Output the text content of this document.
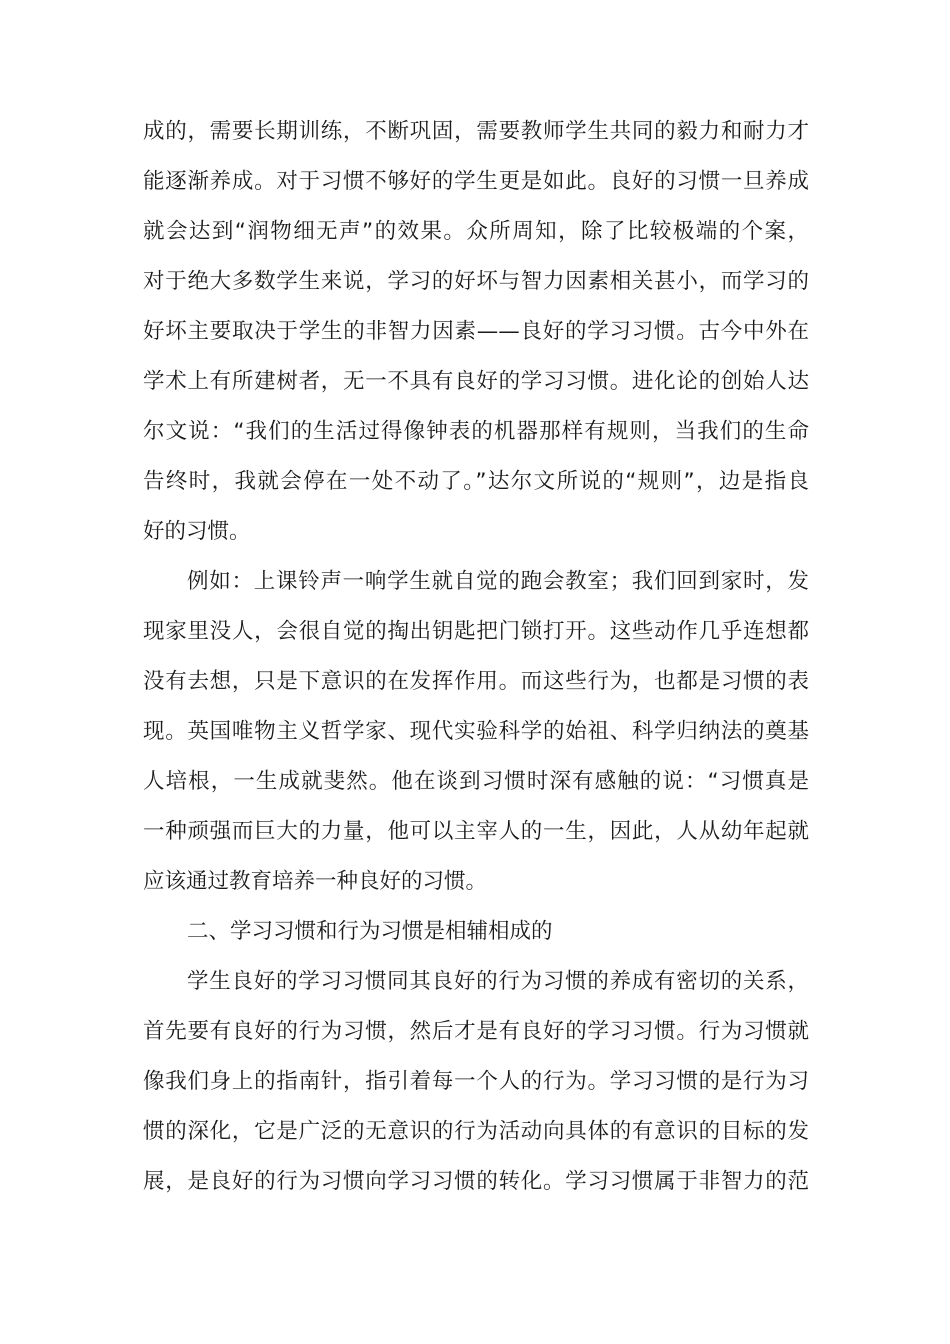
成的，需要长期训练，不断巩固，需要教师学生共同的毅力和耐力才
能逐渐养成。对于习惯不够好的学生更是如此。良好的习惯一旦养成
就会达到“润物细无声”的效果。众所周知，除了比较极端的个案，
对于绝大多数学生来说，学习的好坏与智力因素相关甚小，而学习的
好坏主要取决于学生的非智力因素——良好的学习习惯。古今中外在
学术上有所建树者，无一不具有良好的学习习惯。进化论的创始人达
尔文说：“我们的生活过得像钟表的机器那样有规则，当我们的生命
告终时，我就会停在一处不动了。”达尔文所说的“规则”，边是指良
好的习惯。
例如：上课铃声一响学生就自觉的跑会教室；我们回到家时，发
现家里没人，会很自觉的掏出钥匙把门锁打开。这些动作几乎连想都
没有去想，只是下意识的在发挥作用。而这些行为，也都是习惯的表
现。英国唯物主义哲学家、现代实验科学的始祖、科学归纳法的奠基
人培根，一生成就斐然。他在谈到习惯时深有感触的说：“习惯真是
一种顽强而巨大的力量，他可以主宰人的一生，因此，人从幼年起就
应该通过教育培养一种良好的习惯。
二、学习习惯和行为习惯是相辅相成的
学生良好的学习习惯同其良好的行为习惯的养成有密切的关系，
首先要有良好的行为习惯，然后才是有良好的学习习惯。行为习惯就
像我们身上的指南针，指引着每一个人的行为。学习习惯的是行为习
惯的深化，它是广泛的无意识的行为活动向具体的有意识的目标的发
展，是良好的行为习惯向学习习惯的转化。学习习惯属于非智力的范
